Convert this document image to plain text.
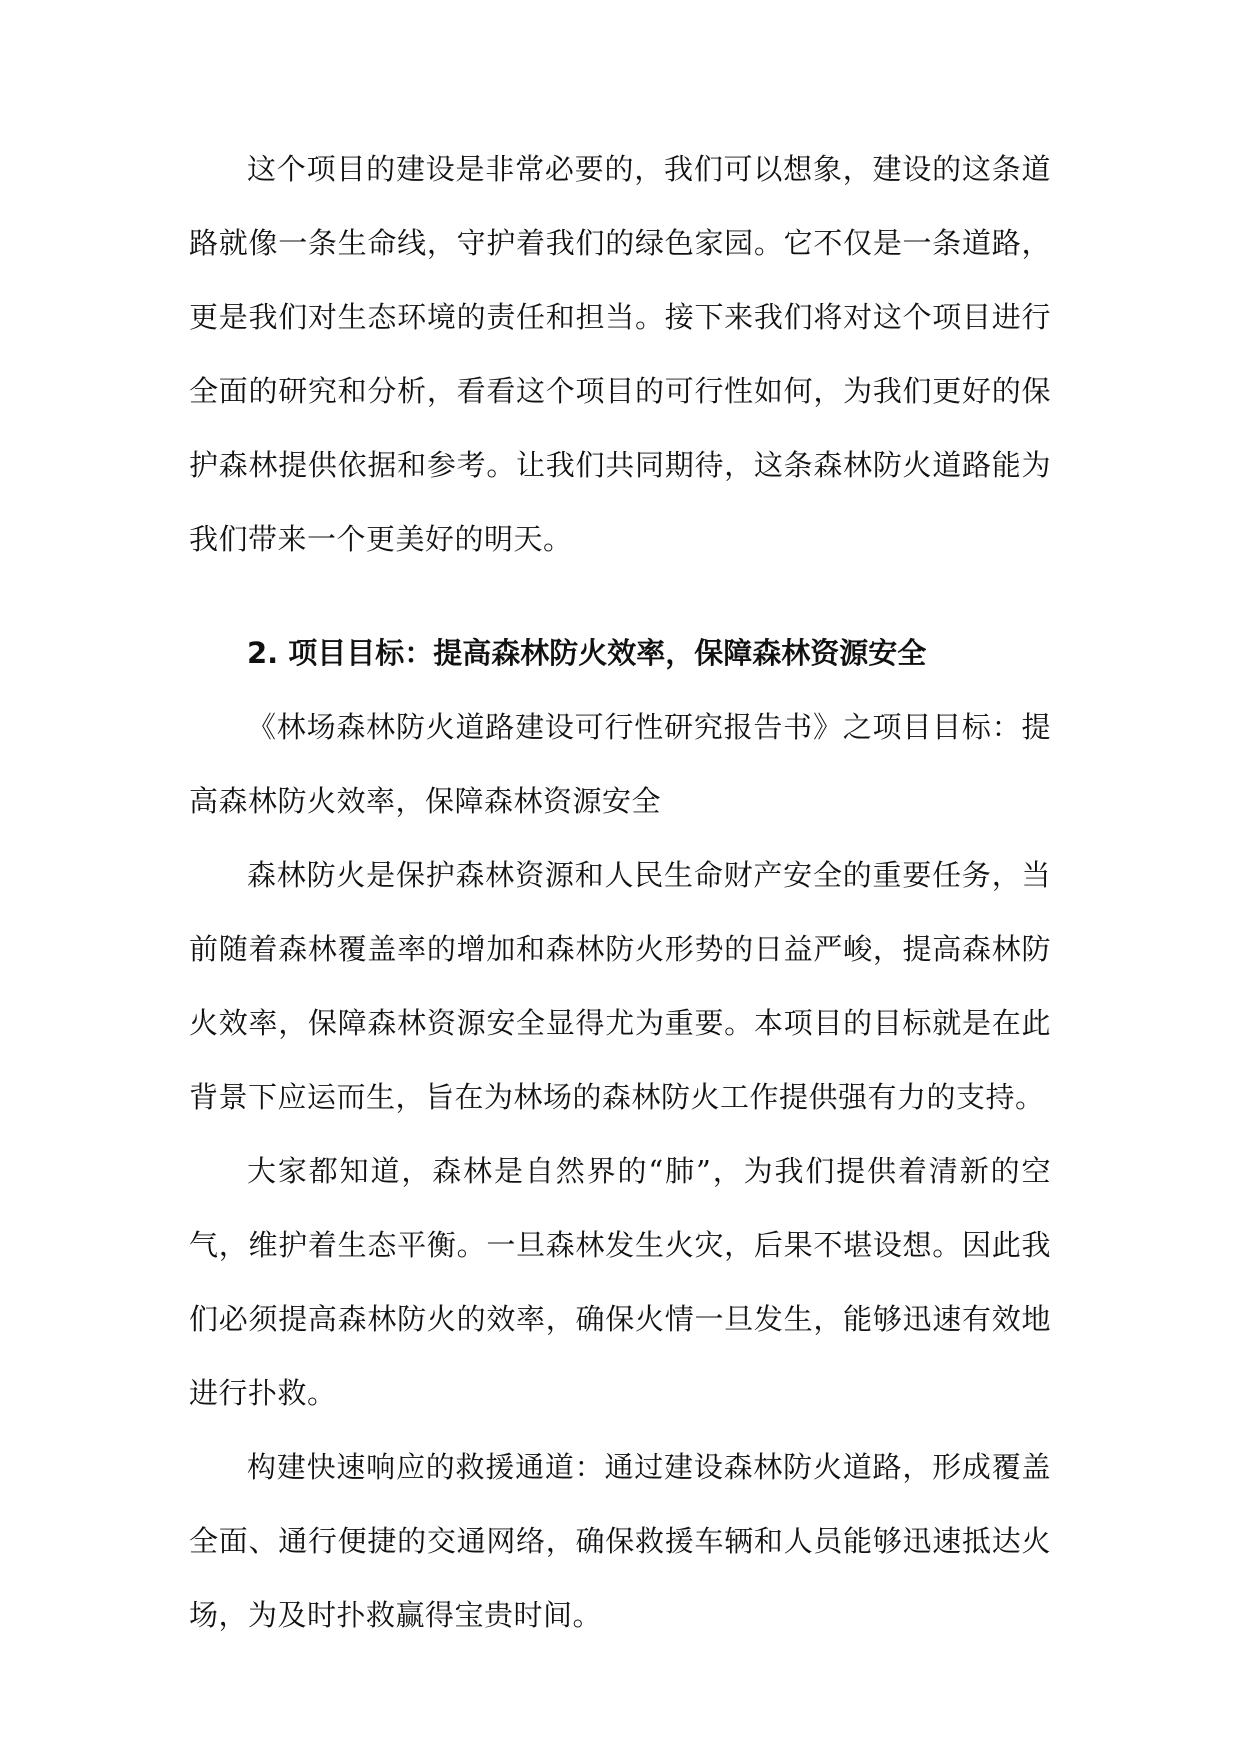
这个项目的建设是非常必要的，我们可以想象，建设的这条道路就像一条生命线，守护着我们的绿色家园。它不仅是一条道路，更是我们对生态环境的责任和担当。接下来我们将对这个项目进行全面的研究和分析，看看这个项目的可行性如何，为我们更好的保护森林提供依据和参考。让我们共同期待，这条森林防火道路能为我们带来一个更美好的明天。

2. 项目目标：提高森林防火效率，保障森林资源安全

《林场森林防火道路建设可行性研究报告书》之项目目标：提高森林防火效率，保障森林资源安全

森林防火是保护森林资源和人民生命财产安全的重要任务，当前随着森林覆盖率的增加和森林防火形势的日益严峻，提高森林防火效率，保障森林资源安全显得尤为重要。本项目的目标就是在此背景下应运而生，旨在为林场的森林防火工作提供强有力的支持。

大家都知道，森林是自然界的“肺”，为我们提供着清新的空气，维护着生态平衡。一旦森林发生火灾，后果不堪设想。因此我们必须提高森林防火的效率，确保火情一旦发生，能够迅速有效地进行扑救。

构建快速响应的救援通道：通过建设森林防火道路，形成覆盖全面、通行便捷的交通网络，确保救援车辆和人员能够迅速抵达火场，为及时扑救赢得宝贵时间。
